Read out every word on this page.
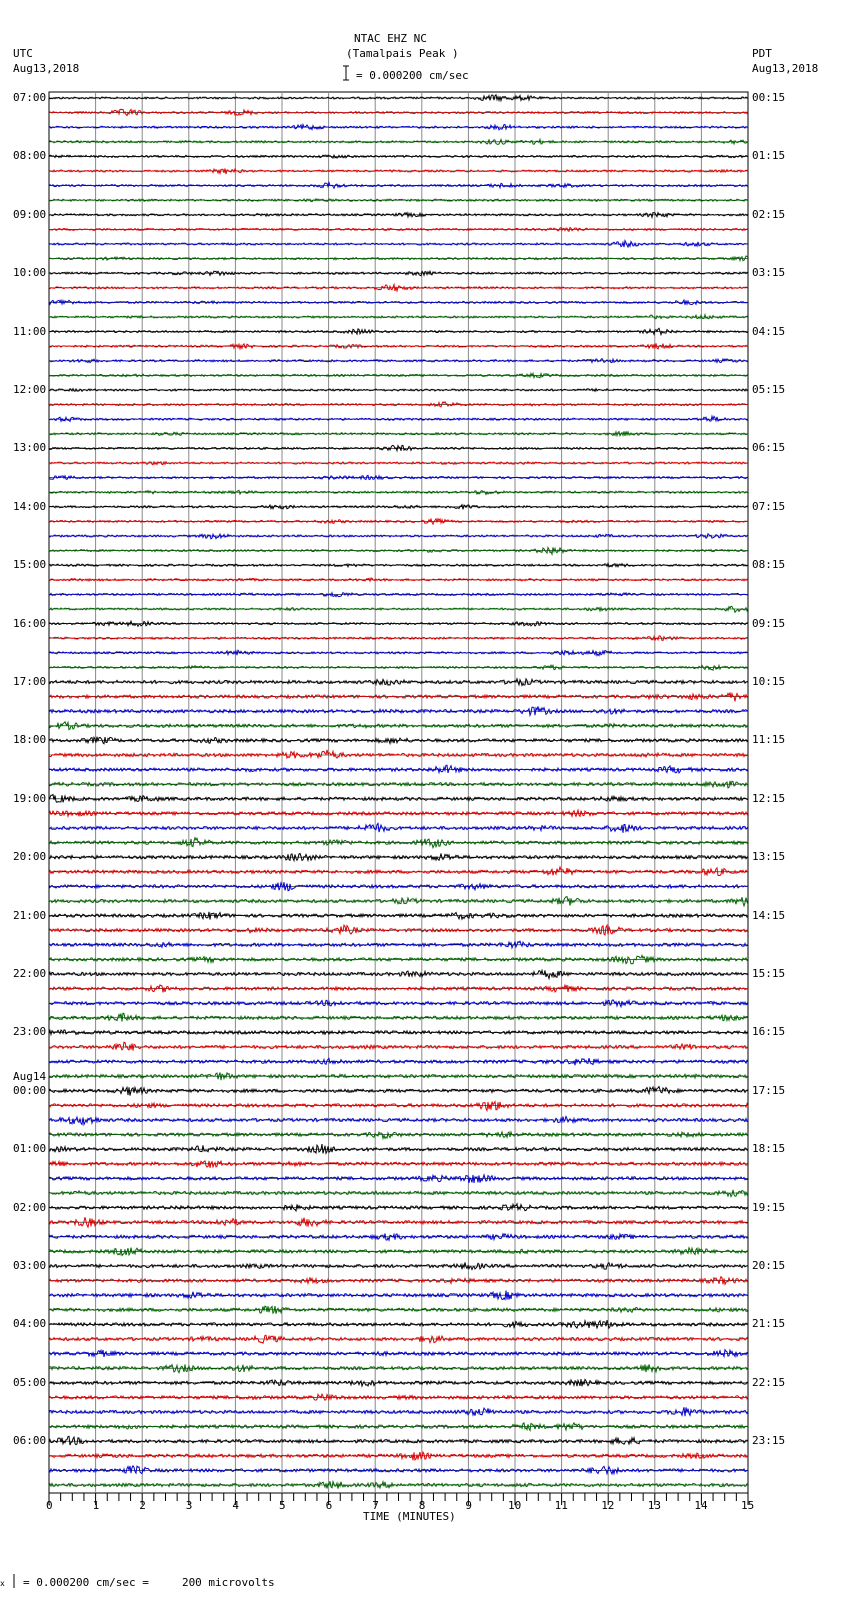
NTAC EHZ NC
(Tamalpais Peak )
UTC
Aug13,2018
PDT
Aug13,2018
= 0.000200 cm/sec
x = 0.000200 cm/sec =     200 microvolts
TIME (MINUTES)
07:00
08:00
09:00
10:00
11:00
12:00
13:00
14:00
15:00
16:00
17:00
18:00
19:00
20:00
21:00
22:00
23:00
00:00
Aug14
01:00
02:00
03:00
04:00
05:00
06:00
00:15
01:15
02:15
03:15
04:15
05:15
06:15
07:15
08:15
09:15
10:15
11:15
12:15
13:15
14:15
15:15
16:15
17:15
18:15
19:15
20:15
21:15
22:15
23:15
0	1	2	3	4	5	6	7	8	9	10	11	12	13	14	15
